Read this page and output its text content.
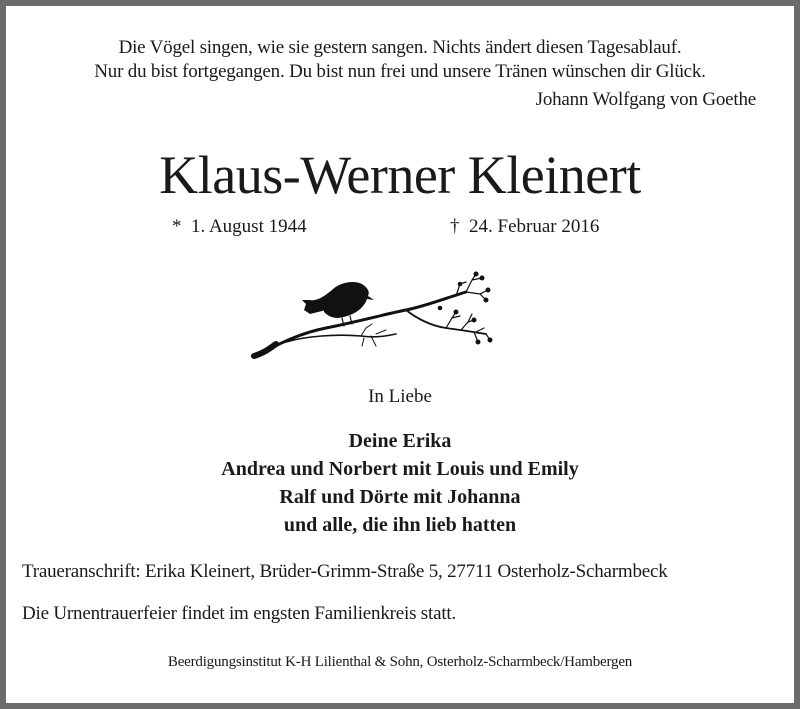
Die Vögel singen, wie sie gestern sangen. Nichts ändert diesen Tagesablauf.
Nur du bist fortgegangen. Du bist nun frei und unsere Tränen wünschen dir Glück.
Johann Wolfgang von Goethe
Klaus-Werner Kleinert
* 1. August 1944	† 24. Februar 2016
In Liebe
Deine Erika
Andrea und Norbert mit Louis und Emily
Ralf und Dörte mit Johanna
und alle, die ihn lieb hatten
Traueranschrift: Erika Kleinert, Brüder-Grimm-Straße 5, 27711 Osterholz-Scharmbeck
Die Urnentrauerfeier findet im engsten Familienkreis statt.
Beerdigungsinstitut K-H Lilienthal & Sohn, Osterholz-Scharmbeck/Hambergen
